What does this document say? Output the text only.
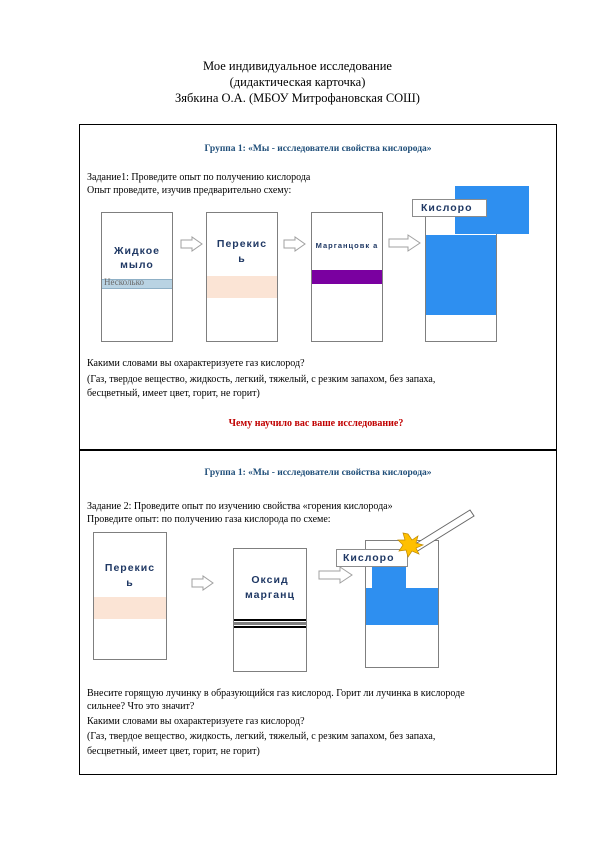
Мое индивидуальное исследование
(дидактическая карточка)
Зябкина О.А. (МБОУ Митрофановская СОШ)
Группа 1: «Мы - исследователи свойства кислорода»
Задание1: Проведите опыт по получению кислорода
Опыт проведите, изучив предварительно схему:
Несколько
Жидкое мыло
Перекис ь
Марганцовк а
Кислоро
Какими словами вы охарактеризуете газ кислород?
(Газ, твердое вещество, жидкость, легкий, тяжелый, с резким запахом, без запаха,
бесцветный, имеет цвет, горит, не горит)
Чему научило вас ваше исследование?
Группа 1: «Мы - исследователи свойства кислорода»
Задание 2: Проведите опыт по изучению свойства «горения кислорода»
Проведите опыт: по получению газа кислорода по схеме:
Перекис ь	Оксид марганц
Кислоро
Внесите горящую лучинку в образующийся газ кислород. Горит ли лучинка в кислороде
сильнее? Что это значит?
Какими словами вы охарактеризуете газ кислород?
(Газ, твердое вещество, жидкость, легкий, тяжелый, с резким запахом, без запаха,
бесцветный, имеет цвет, горит, не горит)
